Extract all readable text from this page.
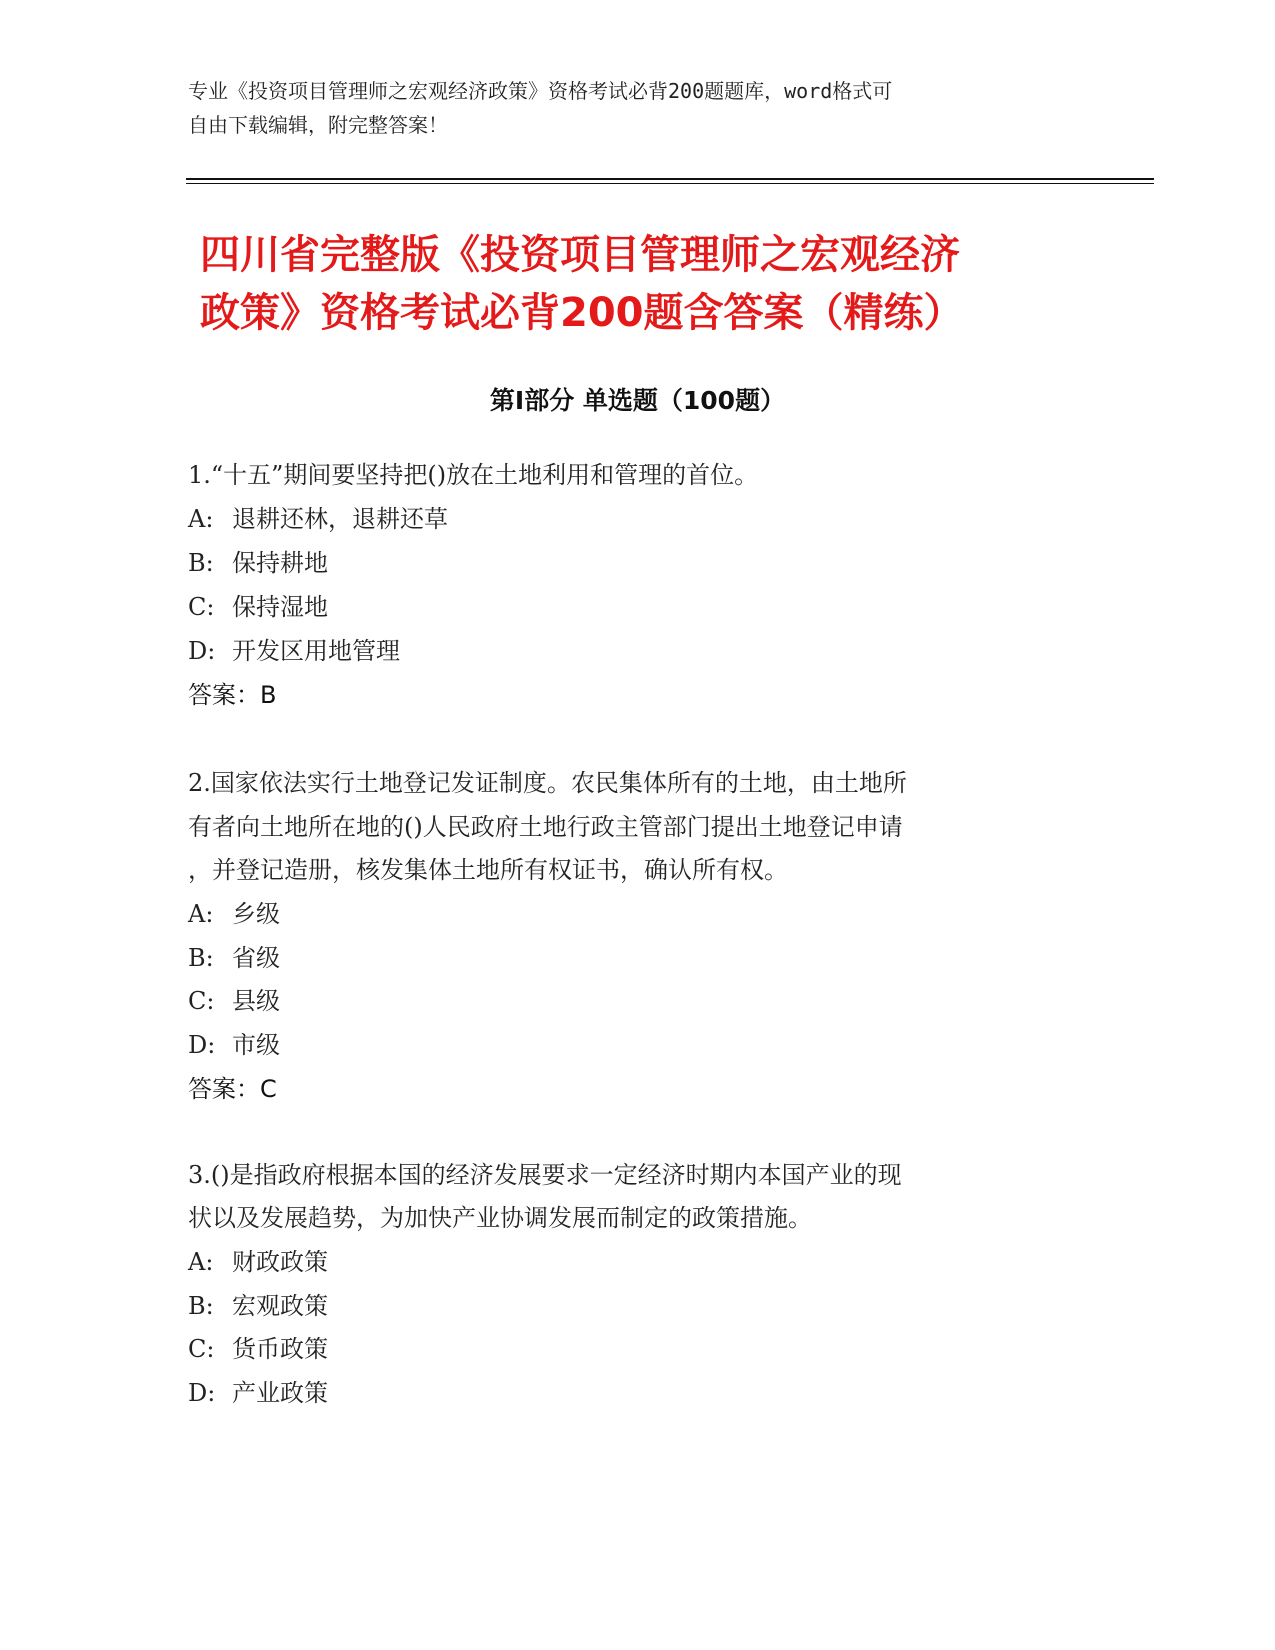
专业《投资项目管理师之宏观经济政策》资格考试必背200题题库，word格式可
自由下载编辑，附完整答案！
四川省完整版《投资项目管理师之宏观经济
政策》资格考试必背200题含答案（精练）
第Ⅰ部分 单选题（100题）

1.“十五”期间要坚持把()放在土地利用和管理的首位。

A: 退耕还林，退耕还草

B: 保持耕地

C: 保持湿地

D: 开发区用地管理

答案：B

2.国家依法实行土地登记发证制度。农民集体所有的土地，由土地所

有者向土地所在地的()人民政府土地行政主管部门提出土地登记申请

，并登记造册，核发集体土地所有权证书，确认所有权。

A: 乡级

B: 省级

C: 县级

D: 市级

答案：C

3.()是指政府根据本国的经济发展要求一定经济时期内本国产业的现

状以及发展趋势，为加快产业协调发展而制定的政策措施。

A: 财政政策

B: 宏观政策

C: 货币政策

D: 产业政策
